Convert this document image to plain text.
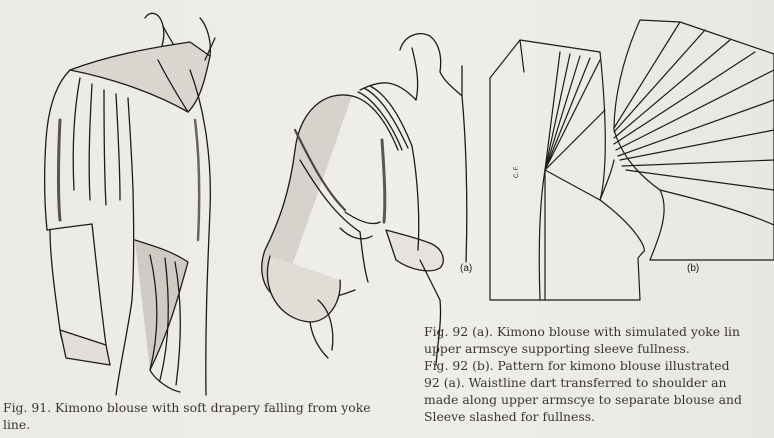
(a)	(b)
C. F.
Fig. 91. Kimono blouse with soft drapery falling from yoke line.

Fig. 92 (a). Kimono blouse with simulated yoke lin

upper armscye supporting sleeve fullness.

Fig. 92 (b). Pattern for kimono blouse illustrated

92 (a). Waistline dart transferred to shoulder an

made along upper armscye to separate blouse and

Sleeve slashed for fullness.
